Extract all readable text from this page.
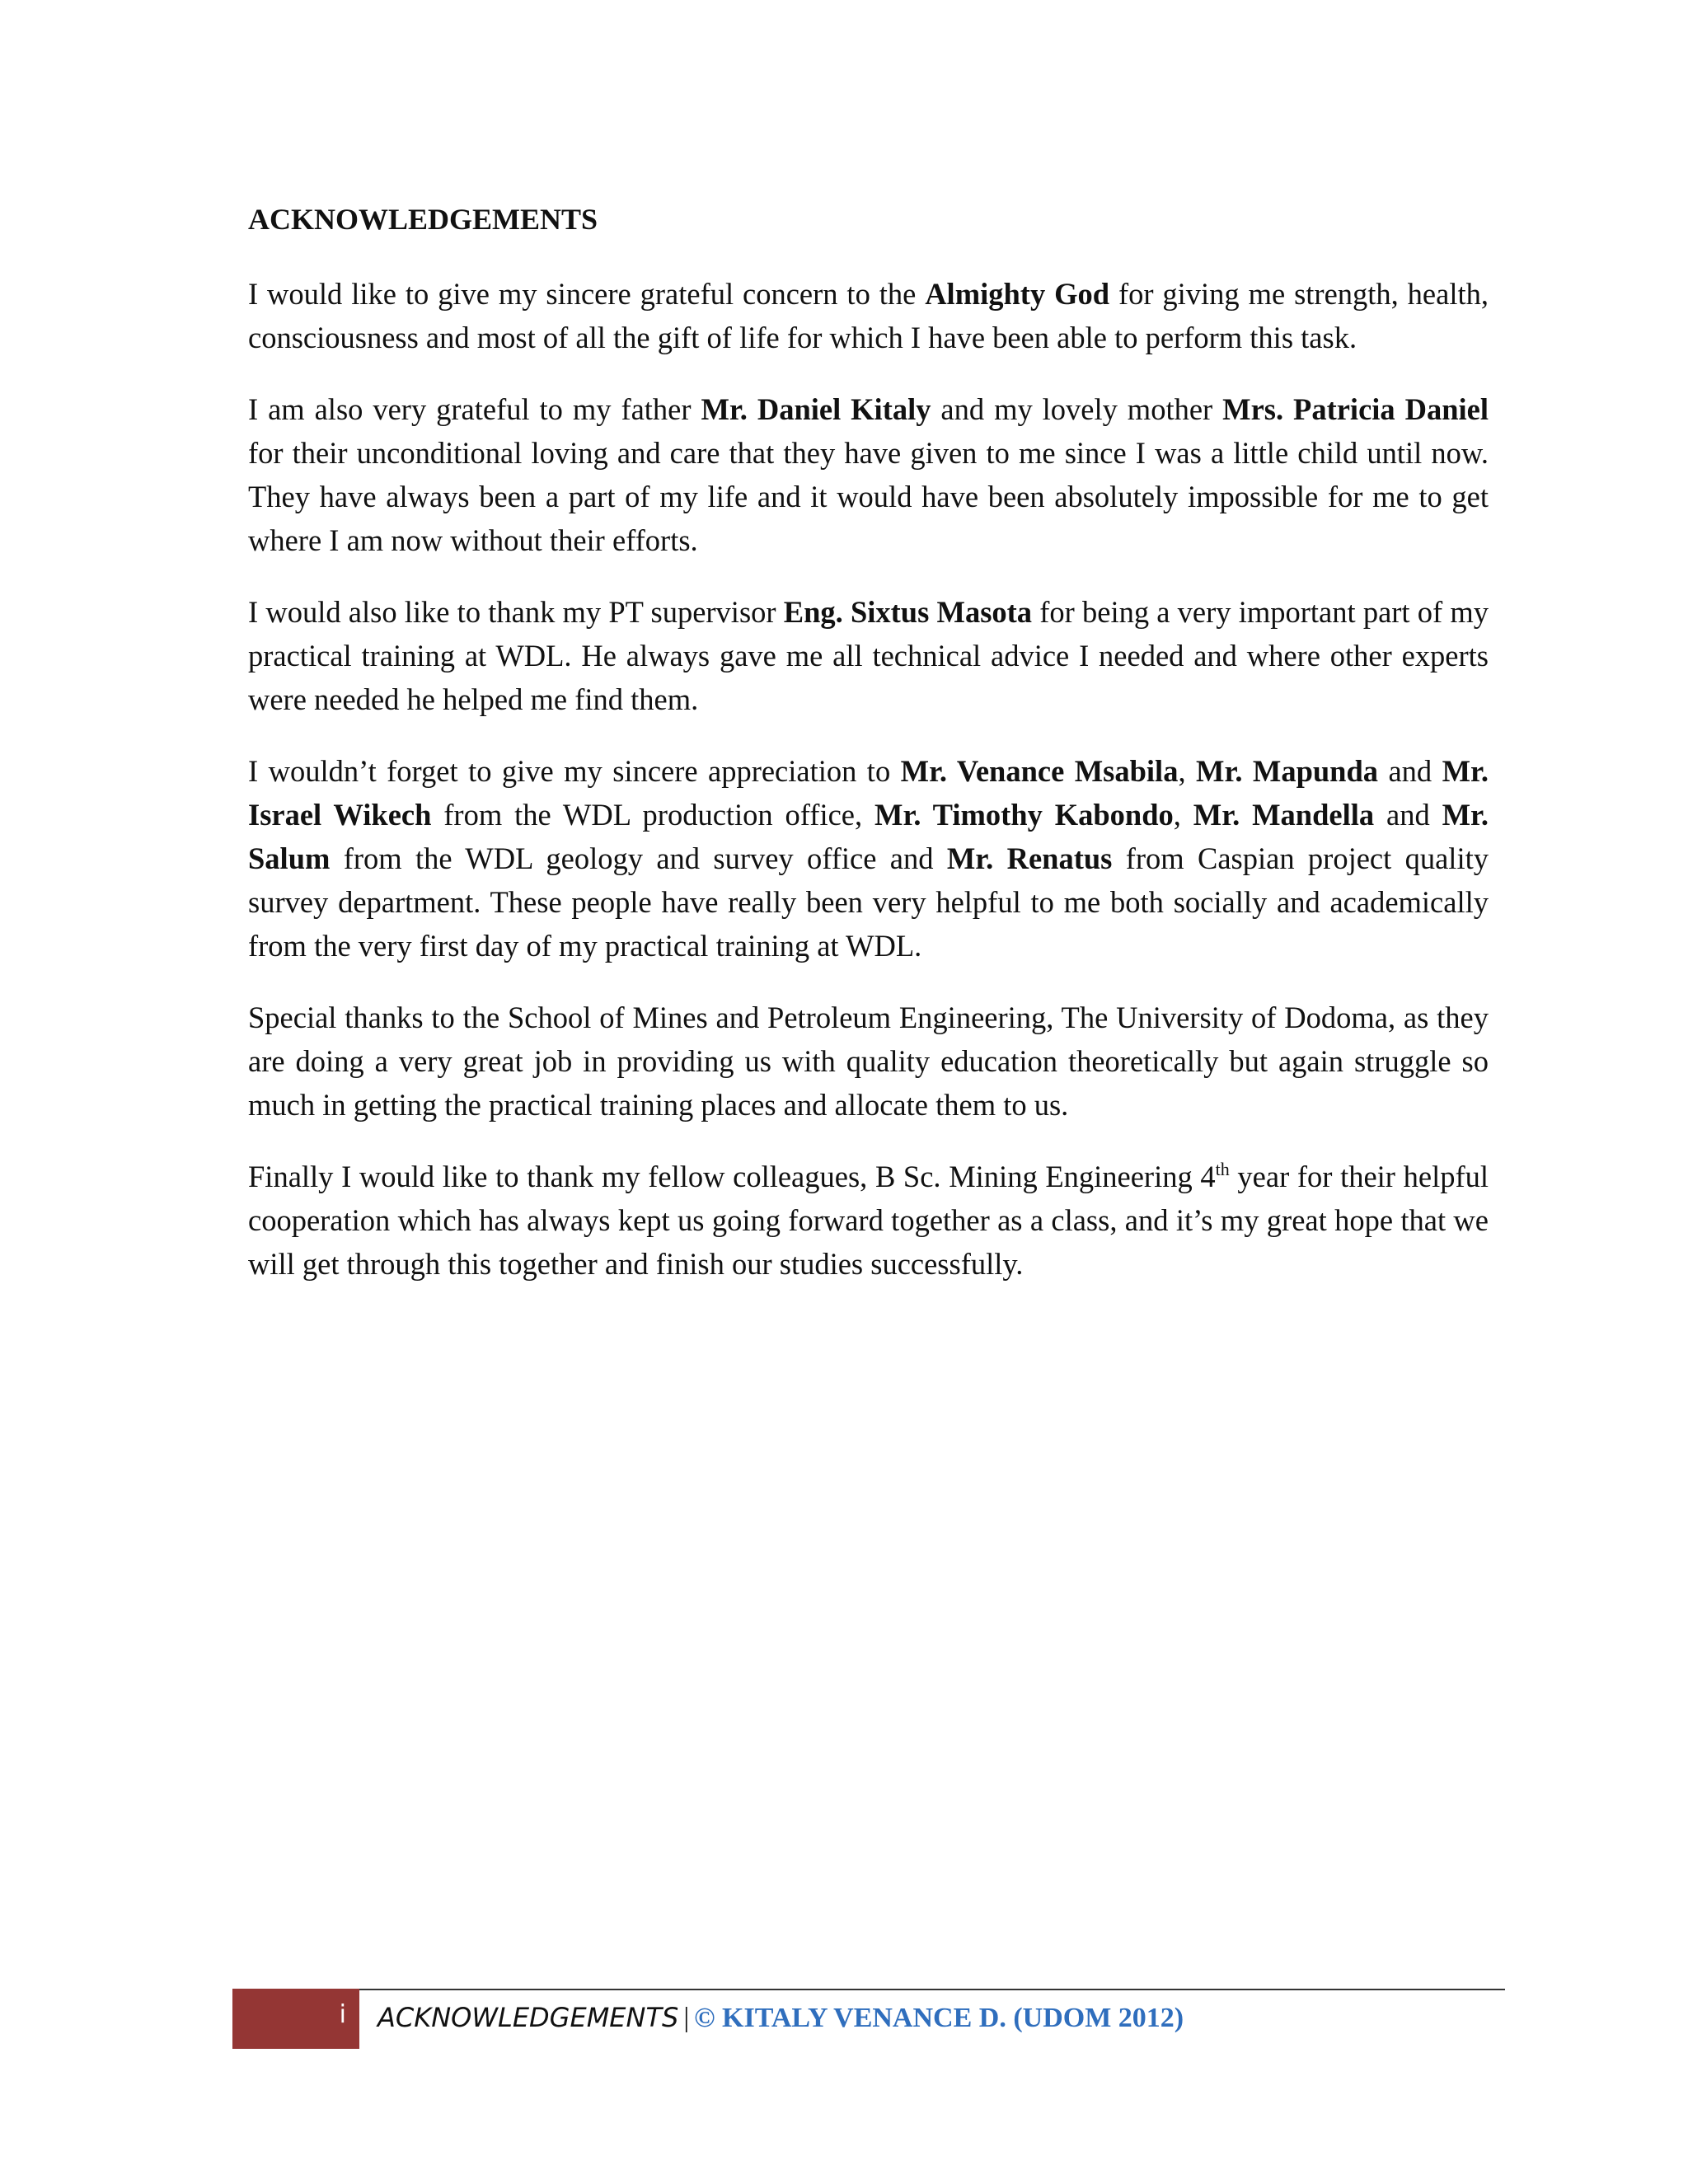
ACKNOWLEDGEMENTS

I would like to give my sincere grateful concern to the Almighty God for giving me strength, health, consciousness and most of all the gift of life for which I have been able to perform this task.

I am also very grateful to my father Mr. Daniel Kitaly and my lovely mother Mrs. Patricia Daniel for their unconditional loving and care that they have given to me since I was a little child until now. They have always been a part of my life and it would have been absolutely impossible for me to get where I am now without their efforts.

I would also like to thank my PT supervisor Eng. Sixtus Masota for being a very important part of my practical training at WDL. He always gave me all technical advice I needed and where other experts were needed he helped me find them.

I wouldn’t forget to give my sincere appreciation to Mr. Venance Msabila, Mr. Mapunda and Mr. Israel Wikech from the WDL production office, Mr. Timothy Kabondo, Mr. Mandella and Mr. Salum from the WDL geology and survey office and Mr. Renatus from Caspian project quality survey department. These people have really been very helpful to me both socially and academically from the very first day of my practical training at WDL.

Special thanks to the School of Mines and Petroleum Engineering, The University of Dodoma, as they are doing a very great job in providing us with quality education theoretically but again struggle so much in getting the practical training places and allocate them to us.

Finally I would like to thank my fellow colleagues, B Sc. Mining Engineering 4th year for their helpful cooperation which has always kept us going forward together as a class, and it’s my great hope that we will get through this together and finish our studies successfully.

i ACKNOWLEDGEMENTS | © KITALY VENANCE D. (UDOM 2012)
